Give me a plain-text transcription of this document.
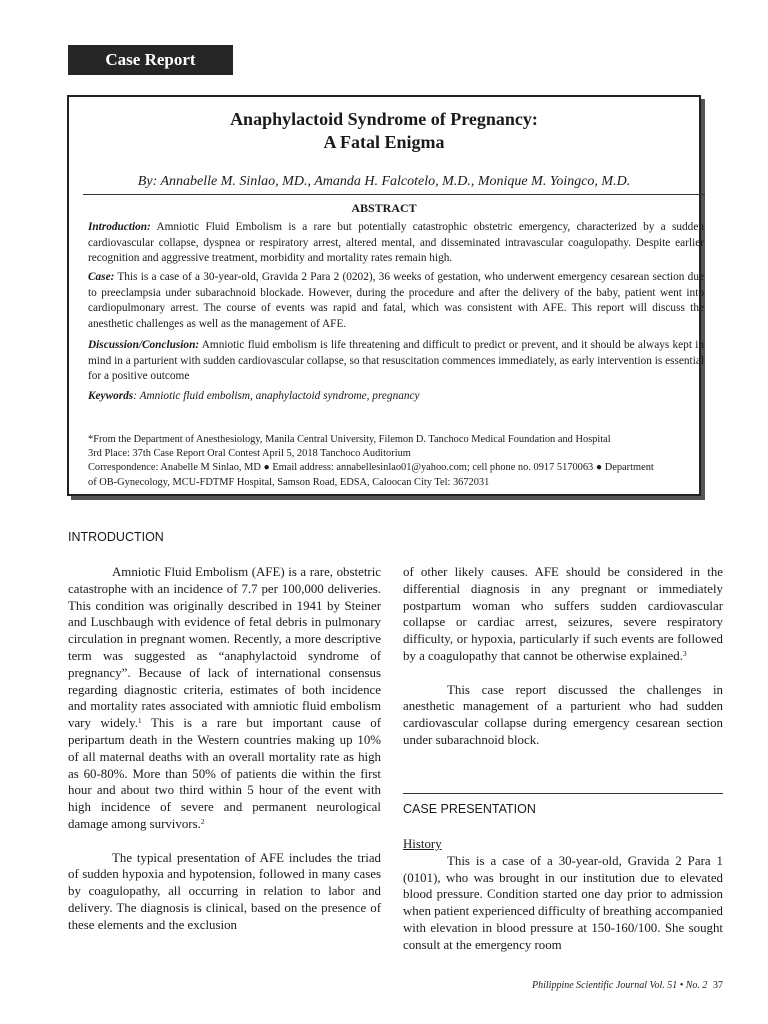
Case Report
Anaphylactoid Syndrome of Pregnancy:
A Fatal Enigma
By: Annabelle M. Sinlao, MD., Amanda H. Falcotelo, M.D., Monique M. Yoingco, M.D.
ABSTRACT

Introduction: Amniotic Fluid Embolism is a rare but potentially catastrophic obstetric emergency, characterized by a sudden cardiovascular collapse, dyspnea or respiratory arrest, altered mental, and disseminated intravascular coagulopathy. Despite earlier recognition and aggressive treatment, morbidity and mortality rates remain high.

Case: This is a case of a 30-year-old, Gravida 2 Para 2 (0202), 36 weeks of gestation, who underwent emergency cesarean section due to preeclampsia under subarachnoid blockade. However, during the procedure and after the delivery of the baby, patient went into cardiopulmonary arrest. The course of events was rapid and fatal, which was consistent with AFE. This report will discuss the anesthetic challenges as well as the management of AFE.

Discussion/Conclusion: Amniotic fluid embolism is life threatening and difficult to predict or prevent, and it should be always kept in mind in a parturient with sudden cardiovascular collapse, so that resuscitation commences immediately, as early intervention is essential for a positive outcome

Keywords: Amniotic fluid embolism, anaphylactoid syndrome, pregnancy

*From the Department of Anesthesiology, Manila Central University, Filemon D. Tanchoco Medical Foundation and Hospital
3rd Place: 37th Case Report Oral Contest April 5, 2018 Tanchoco Auditorium
Correspondence: Anabelle M Sinlao, MD ● Email address: annabellesinlao01@yahoo.com; cell phone no. 0917 5170063 ● Department
of OB-Gynecology, MCU-FDTMF Hospital, Samson Road, EDSA, Caloocan City Tel: 3672031
INTRODUCTION

Amniotic Fluid Embolism (AFE) is a rare, obstetric catastrophe with an incidence of 7.7 per 100,000 deliveries. This condition was originally described in 1941 by Steiner and Luschbaugh with evidence of fetal debris in pulmonary circulation in pregnant women. Recently, a more descriptive term was suggested as “anaphylactoid syndrome of pregnancy”. Because of lack of international consensus regarding diagnostic criteria, estimates of both incidence and mortality rates associated with amniotic fluid embolism vary widely.$^1$ This is a rare but important cause of peripartum death in the Western countries making up 10% of all maternal deaths with an overall mortality rate as high as 60-80%. More than 50% of patients die within the first hour and about two third within 5 hour of the event with high incidence of severe and permanent neurological damage among survivors.$^2$

The typical presentation of AFE includes the triad of sudden hypoxia and hypotension, followed in many cases by coagulopathy, all occurring in relation to labor and delivery. The diagnosis is clinical, based on the presence of these elements and the exclusion

of other likely causes. AFE should be considered in the differential diagnosis in any pregnant or immediately postpartum woman who suffers sudden cardiovascular collapse or cardiac arrest, seizures, severe respiratory difficulty, or hypoxia, particularly if such events are followed by a coagulopathy that cannot be otherwise explained.$^3$

This case report discussed the challenges in anesthetic management of a parturient who had sudden cardiovascular collapse during emergency cesarean section under subarachnoid block.

CASE PRESENTATION

History

This is a case of a 30-year-old, Gravida 2 Para 1 (0101), who was brought in our institution due to elevated blood pressure. Condition started one day prior to admission when patient experienced difficulty of breathing accompanied with elevation in blood pressure at 150-160/100. She sought consult at the emergency room

Philippine Scientific Journal Vol. 51 • No. 2 37
